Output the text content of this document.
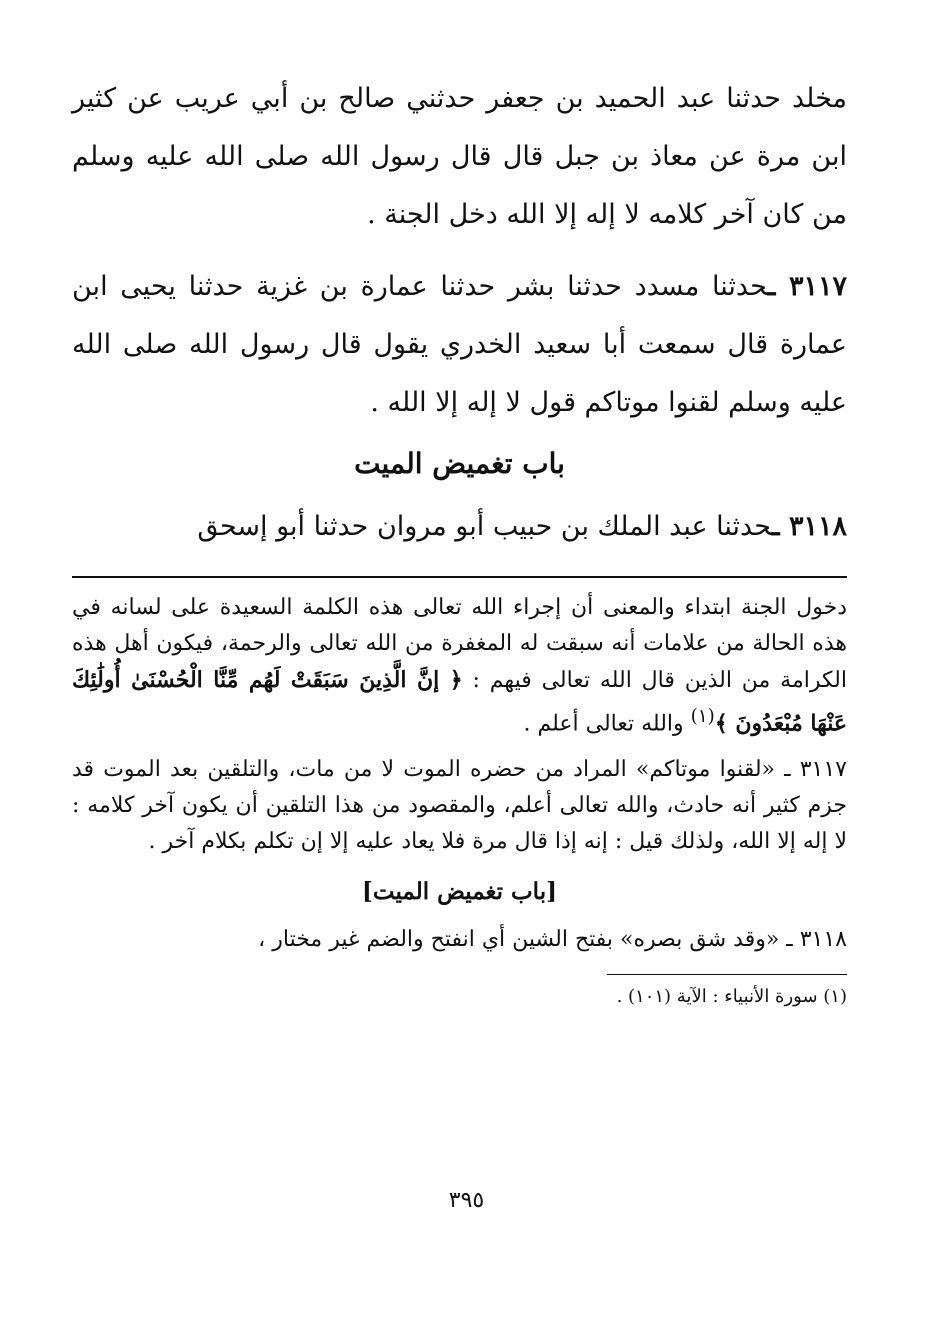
مخلد حدثنا عبد الحميد بن جعفر حدثني صالح بن أبي عريب عن كثير ابن مرة عن معاذ بن جبل قال قال رسول الله صلى الله عليه وسلم من كان آخر كلامه لا إله إلا الله دخل الجنة .

٣١١٧ ـحدثنا مسدد حدثنا بشر حدثنا عمارة بن غزية حدثنا يحيى ابن عمارة قال سمعت أبا سعيد الخدري يقول قال رسول الله صلى الله عليه وسلم لقنوا موتاكم قول لا إله إلا الله .

باب تغميض الميت

٣١١٨ ـحدثنا عبد الملك بن حبيب أبو مروان حدثنا أبو إسحق

دخول الجنة ابتداء والمعنى أن إجراء الله تعالى هذه الكلمة السعيدة على لسانه في هذه الحالة من علامات أنه سبقت له المغفرة من الله تعالى والرحمة، فيكون أهل هذه الكرامة من الذين قال الله تعالى فيهم : ﴿ إنَّ الَّذِينَ سَبَقَتْ لَهُم مِّنَّا الْحُسْنَىٰ أُولَٰئِكَ عَنْهَا مُبْعَدُونَ ﴾$^{(١)}$ والله تعالى أعلم .

٣١١٧ ـ «لقنوا موتاكم» المراد من حضره الموت لا من مات، والتلقين بعد الموت قد جزم كثير أنه حادث، والله تعالى أعلم، والمقصود من هذا التلقين أن يكون آخر كلامه : لا إله إلا الله، ولذلك قيل : إنه إذا قال مرة فلا يعاد عليه إلا إن تكلم بكلام آخر .

[باب تغميض الميت]

٣١١٨ ـ «وقد شق بصره» بفتح الشين أي انفتح والضم غير مختار ،

(١) سورة الأنبياء : الآية (١٠١) .
٣٩٥
